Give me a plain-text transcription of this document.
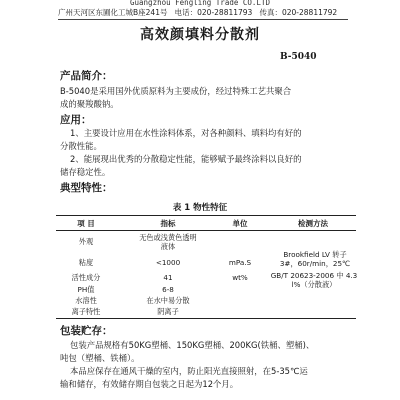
Guangzhou Fengling Trade CO.LTD
广州天河区东圃化工城B座241号 电话：020-28811793 传真：020-28811792
高效颜填料分散剂
B-5040
产品简介：
B-5040是采用国外优质原料为主要成份，经过特殊工艺共聚合
成的聚羧酸钠。
应用：
1、主要设计应用在水性涂料体系，对各种颜料、填料均有好的
分散性能。
2、能展现出优秀的分散稳定性能，能够赋予最终涂料以良好的
储存稳定性。
典型特性：
表 1 物性特征
项 目	指标	单位	检测方法
外观	无色或浅黄色透明
液体
粘度	<1000	mPa.S
Brookfield LV 转子
3#，60r/min，25℃
活性成分	41	wt%	GB/T 20623-2006 中 4.3
l%（分散液）
PH值	6-8
水溶性	在水中易分散
离子特性	阴离子
包装贮存：
包装产品规格有50KG塑桶、150KG塑桶、200KG(铁桶、塑桶)、
吨包（塑桶、铁桶）。
本品应保存在通风干燥的室内，防止阳光直接照射，在5-35℃运
输和储存，有效储存期自包装之日起为12个月。
